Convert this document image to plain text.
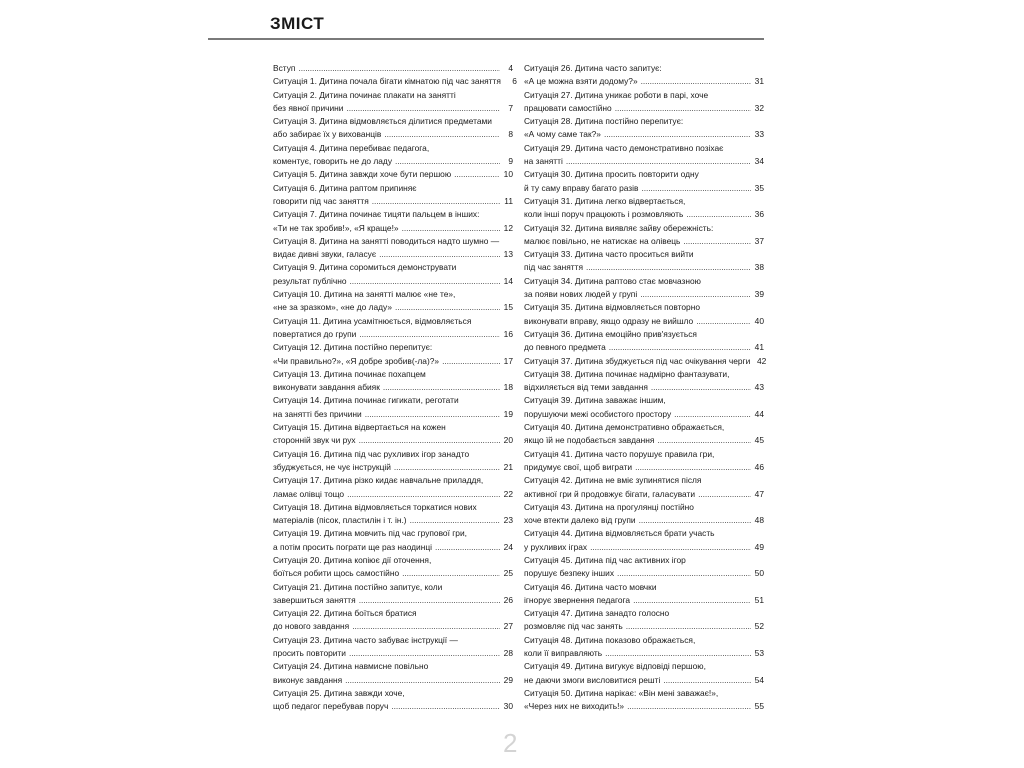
ЗМІСТ
Вступ . . .	4
Ситуація 1. Дитина почала бігати кімнатою під час заняття	6
Ситуація 2. Дитина починає плакати на занятті
без явної причини . . .	7
Ситуація 3. Дитина відмовляється ділитися предметами
або забирає їх у вихованців . . .	8
Ситуація 4. Дитина перебиває педагога,
коментує, говорить не до ладу . . .	9
Ситуація 5. Дитина завжди хоче бути першою . . .	10
Ситуація 6. Дитина раптом припиняє
говорити під час заняття . . .	11
Ситуація 7. Дитина починає тицяти пальцем в інших:
«Ти не так зробив!», «Я краще!» . . .	12
Ситуація 8. Дитина на занятті поводиться надто шумно —
видає дивні звуки, галасує . . .	13
Ситуація 9. Дитина соромиться демонструвати
результат публічно . . .	14
Ситуація 10. Дитина на занятті малює «не те»,
«не за зразком», «не до ладу» . . .	15
Ситуація 11. Дитина усамітнюється, відмовляється
повертатися до групи . . .	16
Ситуація 12. Дитина постійно перепитує:
«Чи правильно?», «Я добре зробив(-ла)?» . . .	17
Ситуація 13. Дитина починає похапцем
виконувати завдання абияк . . .	18
Ситуація 14. Дитина починає гигикати, реготати
на занятті без причини . . .	19
Ситуація 15. Дитина відвертається на кожен
сторонній звук чи рух . . .	20
Ситуація 16. Дитина під час рухливих ігор занадто
збуджується, не чує інструкцій . . .	21
Ситуація 17. Дитина різко кидає навчальне приладдя,
ламає олівці тощо . . .	22
Ситуація 18. Дитина відмовляється торкатися нових
матеріалів (пісок, пластилін і т. ін.) . . .	23
Ситуація 19. Дитина мовчить під час групової гри,
а потім просить пограти ще раз наодинці . . .	24
Ситуація 20. Дитина копіює дії оточення,
боїться робити щось самостійно . . .	25
Ситуація 21. Дитина постійно запитує, коли
завершиться заняття . . .	26
Ситуація 22. Дитина боїться братися
до нового завдання . . .	27
Ситуація 23. Дитина часто забуває інструкції —
просить повторити . . .	28
Ситуація 24. Дитина навмисне повільно
виконує завдання . . .	29
Ситуація 25. Дитина завжди хоче,
щоб педагог перебував поруч . . .	30
Ситуація 26. Дитина часто запитує:
«А це можна взяти додому?» . . .	31
Ситуація 27. Дитина уникає роботи в парі, хоче
працювати самостійно . . .	32
Ситуація 28. Дитина постійно перепитує:
«А чому саме так?» . . .	33
Ситуація 29. Дитина часто демонстративно позіхає
на занятті . . .	34
Ситуація 30. Дитина просить повторити одну
й ту саму вправу багато разів . . .	35
Ситуація 31. Дитина легко відвертається,
коли інші поруч працюють і розмовляють . . .	36
Ситуація 32. Дитина виявляє зайву обережність:
малює повільно, не натискає на олівець . . .	37
Ситуація 33. Дитина часто проситься вийти
під час заняття . . .	38
Ситуація 34. Дитина раптово стає мовчазною
за появи нових людей у групі . . .	39
Ситуація 35. Дитина відмовляється повторно
виконувати вправу, якщо одразу не вийшло . . .	40
Ситуація 36. Дитина емоційно прив'язується
до певного предмета . . .	41
Ситуація 37. Дитина збуджується під час очікування черги 42
Ситуація 38. Дитина починає надмірно фантазувати,
відхиляється від теми завдання . . .	43
Ситуація 39. Дитина заважає іншим,
порушуючи межі особистого простору . . .	44
Ситуація 40. Дитина демонстративно ображається,
якщо їй не подобається завдання . . .	45
Ситуація 41. Дитина часто порушує правила гри,
придумує свої, щоб виграти . . .	46
Ситуація 42. Дитина не вміє зупинятися після
активної гри й продовжує бігати, галасувати . . .	47
Ситуація 43. Дитина на прогулянці постійно
хоче втекти далеко від групи . . .	48
Ситуація 44. Дитина відмовляється брати участь
у рухливих іграх . . .	49
Ситуація 45. Дитина під час активних ігор
порушує безпеку інших . . .	50
Ситуація 46. Дитина часто мовчки
ігнорує звернення педагога . . .	51
Ситуація 47. Дитина занадто голосно
розмовляє під час занять . . .	52
Ситуація 48. Дитина показово ображається,
коли її виправляють . . .	53
Ситуація 49. Дитина вигукує відповіді першою,
не даючи змоги висловитися решті . . .	54
Ситуація 50. Дитина нарікає: «Він мені заважає!»,
«Через них не виходить!» . . .	55
2
